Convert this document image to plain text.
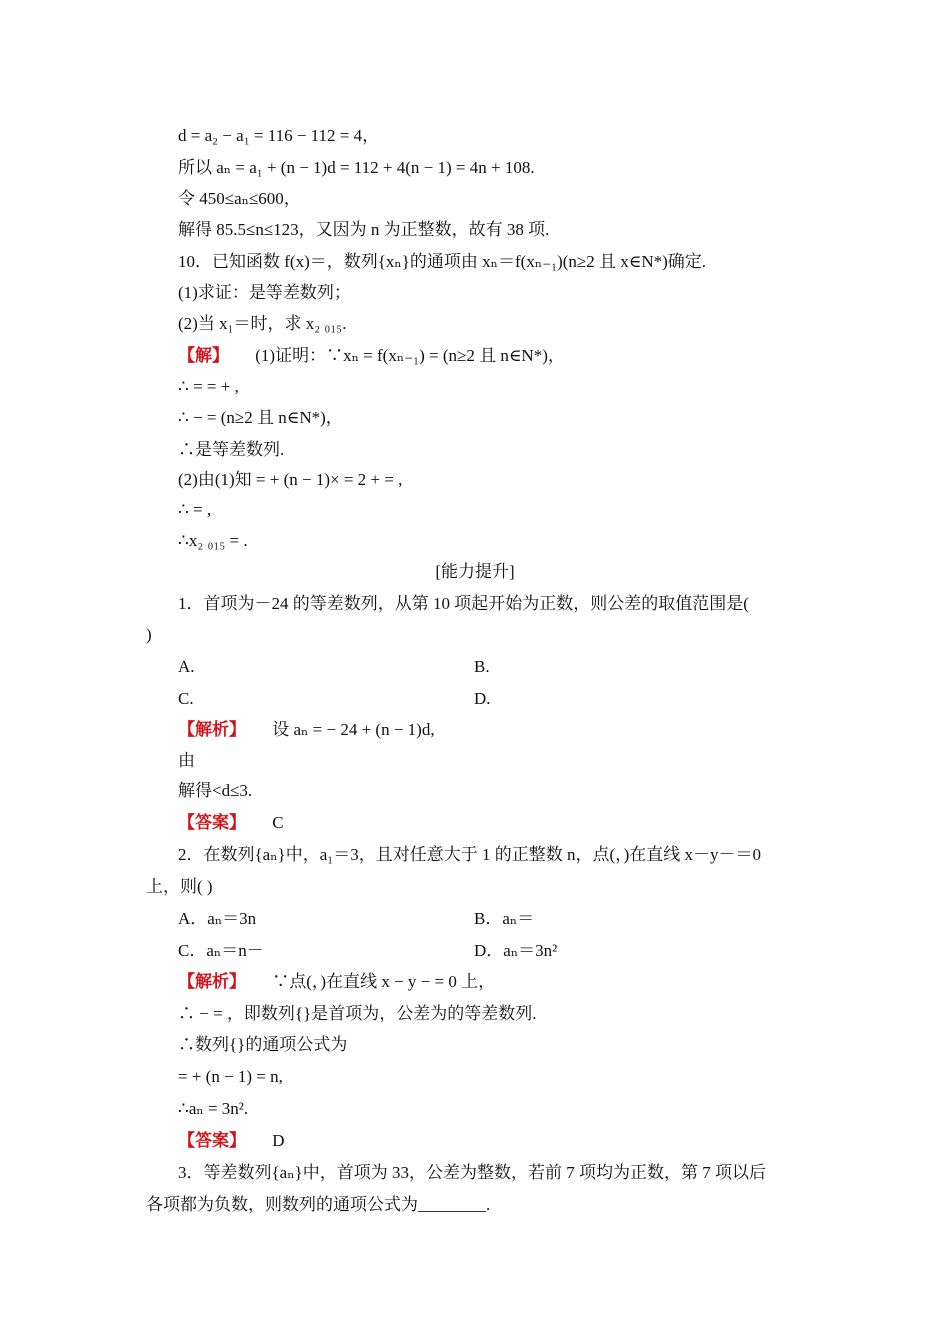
d = a₂ − a₁ = 116 − 112 = 4，
所以 aₙ = a₁ + (n − 1)d = 112 + 4(n − 1) = 4n + 108.
令 450≤aₙ≤600，
解得 85.5≤n≤123，又因为 n 为正整数，故有 38 项.
10．已知函数 f(x)＝，数列{xₙ}的通项由 xₙ＝f(xₙ₋₁)(n≥2 且 x∈N*)确定.
(1)求证：是等差数列；
(2)当 x₁＝时，求 x₂ ₀₁₅.
【解】 (1)证明：∵xₙ = f(xₙ₋₁) = (n≥2 且 n∈N*)，
∴ = = + ,
∴ − = (n≥2 且 n∈N*)，
∴是等差数列.
(2)由(1)知 = + (n − 1)× = 2 + = ,
∴ = ,
∴x₂ ₀₁₅ = .
[能力提升]
1．首项为－24 的等差数列，从第 10 项起开始为正数，则公差的取值范围是(
)
A.	B.
C.	D.
【解析】 设 aₙ = − 24 + (n − 1)d,
由
解得<d≤3.
【答案】 C
2．在数列{aₙ}中，a₁＝3，且对任意大于 1 的正整数 n，点(，)在直线 x－y－＝0
上，则( )
A．aₙ＝3n	B．aₙ＝
C．aₙ＝n－	D．aₙ＝3n²
【解析】 ∵点(，)在直线 x − y − = 0 上，
∴ − = ，即数列{}是首项为，公差为的等差数列.
∴数列{}的通项公式为
= + (n − 1) = n,
∴aₙ = 3n².
【答案】 D
3．等差数列{aₙ}中，首项为 33，公差为整数，若前 7 项均为正数，第 7 项以后
各项都为负数，则数列的通项公式为________.
